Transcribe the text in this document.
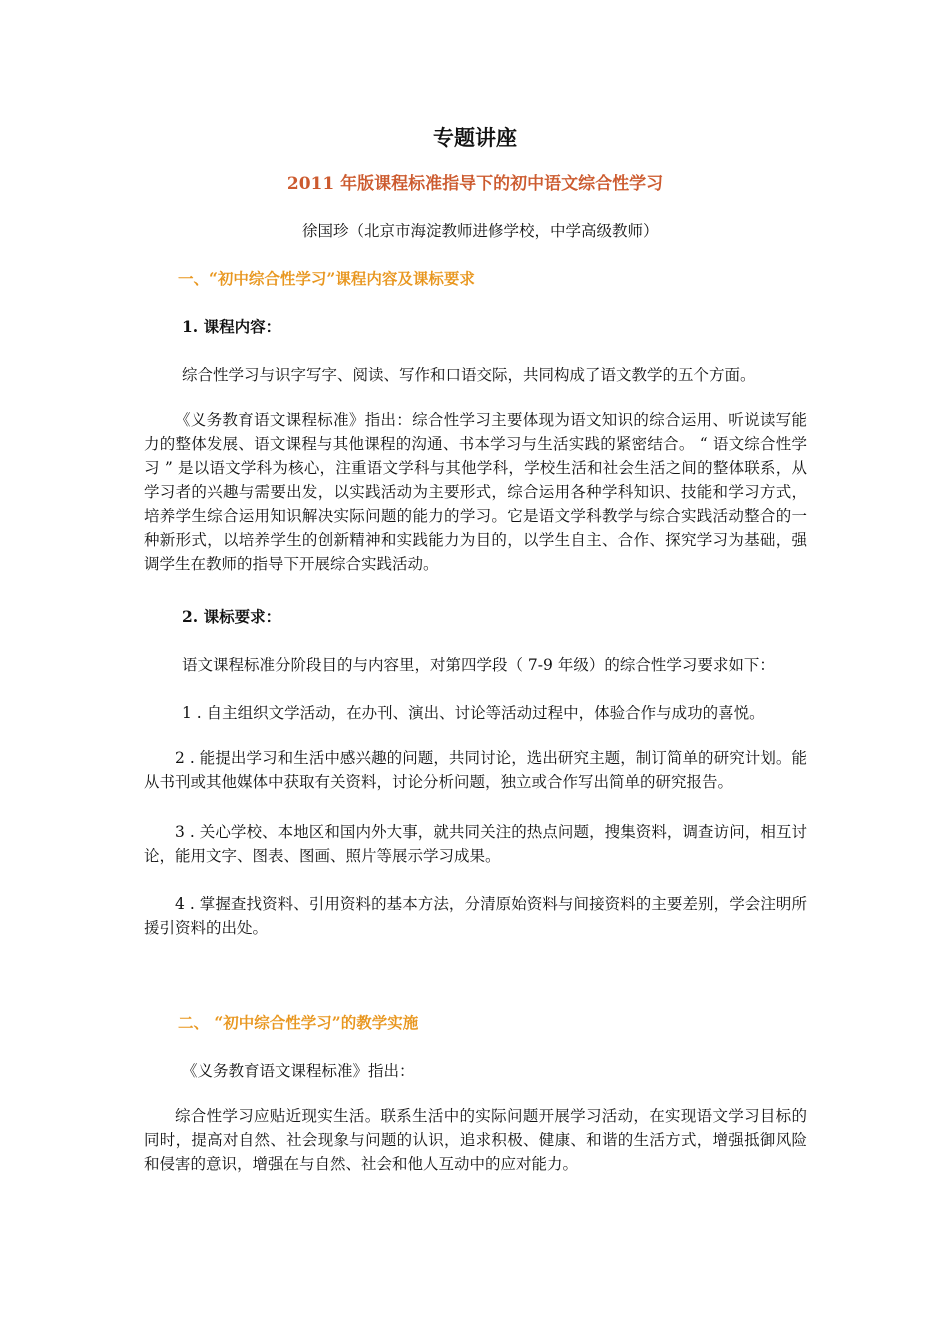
专题讲座
2011 年版课程标准指导下的初中语文综合性学习
徐国珍（北京市海淀教师进修学校，中学高级教师）
一、“初中综合性学习”课程内容及课标要求
1. 课程内容：
综合性学习与识字写字、阅读、写作和口语交际，共同构成了语文教学的五个方面。
《义务教育语文课程标准》指出：综合性学习主要体现为语文知识的综合运用、听说读写能力的整体发展、语文课程与其他课程的沟通、书本学习与生活实践的紧密结合。 “ 语文综合性学习 ” 是以语文学科为核心，注重语文学科与其他学科，学校生活和社会生活之间的整体联系，从学习者的兴趣与需要出发，以实践活动为主要形式，综合运用各种学科知识、技能和学习方式，培养学生综合运用知识解决实际问题的能力的学习。它是语文学科教学与综合实践活动整合的一种新形式，以培养学生的创新精神和实践能力为目的，以学生自主、合作、探究学习为基础，强调学生在教师的指导下开展综合实践活动。
2. 课标要求：
语文课程标准分阶段目的与内容里，对第四学段（ 7-9 年级）的综合性学习要求如下：
1 . 自主组织文学活动，在办刊、演出、讨论等活动过程中，体验合作与成功的喜悦。
2 . 能提出学习和生活中感兴趣的问题，共同讨论，选出研究主题，制订简单的研究计划。能从书刊或其他媒体中获取有关资料，讨论分析问题，独立或合作写出简单的研究报告。
3 . 关心学校、本地区和国内外大事，就共同关注的热点问题，搜集资料，调查访问，相互讨论，能用文字、图表、图画、照片等展示学习成果。
4 . 掌握查找资料、引用资料的基本方法，分清原始资料与间接资料的主要差别，学会注明所援引资料的出处。
二、 “初中综合性学习”的教学实施
《义务教育语文课程标准》指出：
综合性学习应贴近现实生活。联系生活中的实际问题开展学习活动，在实现语文学习目标的同时，提高对自然、社会现象与问题的认识，追求积极、健康、和谐的生活方式，增强抵御风险和侵害的意识，增强在与自然、社会和他人互动中的应对能力。
